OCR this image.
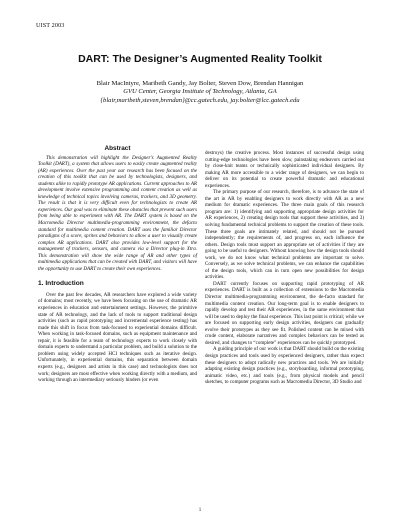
UIST 2003
DART: The Designer’s Augmented Reality Toolkit
Blair MacIntyre, Maribeth Gandy, Jay Bolter, Steven Dow, Brendan Hannigan
GVU Center, Georgia Institute of Technology, Atlanta, GA
{blair,maribeth,steven,brendan}@cc.gatech.edu, jay.bolter@lcc.gatech.edu
Abstract

This demonstration will highlight the Designer’s Augmented Reality Toolkit (DART), a system that allows users to easily create augmented reality (AR) experiences. Over the past year our research has been focused on the creation of this toolkit that can be used by technologists, designers, and students alike to rapidly prototype AR applications. Current approaches to AR development involve extensive programming and content creation as well as knowledge of technical topics involving cameras, trackers, and 3D geometry. The result is that it is very difficult even for technologists to create AR experiences. Our goal was to eliminate these obstacles that prevent such users from being able to experiment with AR. The DART system is based on the Macromedia Director multimedia-programming environment, the defacto standard for multimedia content creation. DART uses the familiar Director paradigms of a score, sprites and behaviors to allow a user to visually create complex AR applications. DART also provides low-level support for the management of trackers, sensors, and camera via a Director plug-in Xtra. This demonstration will show the wide range of AR and other types of multimedia applications that can be created with DART, and visitors will have the opportunity to use DART to create their own experiences.

1. Introduction

Over the past few decades, AR researchers have explored a wide variety of domains; most recently, we have been focusing on the use of dramatic AR experiences in education and entertainment settings. However, the primitive state of AR technology, and the lack of tools to support traditional design activities (such as rapid prototyping and incremental experience testing) has made this shift in focus from task-focused to experiential domains difficult. When working in task-focused domains, such as equipment maintenance and repair, it is feasible for a team of technology experts to work closely with domain experts to understand a particular problem, and build a solution to the problem using widely accepted HCI techniques such as iterative design. Unfortunately, in experiential domains, this separation between domain experts (e.g., designers and artists in this case) and technologists does not work; designers are most effective when working directly with a medium, and working through an intermediary seriously hinders (or even

destroys) the creative process. Most instances of successful design using cutting-edge technologies have been slow, painstaking endeavors carried out by close-knit teams or technically sophisticated individual designers. By making AR more accessible to a wider range of designers, we can begin to deliver on its potential to create powerful dramatic and educational experiences.

The primary purpose of our research, therefore, is to advance the state of the art in AR by enabling designers to work directly with AR as a new medium for dramatic experiences. The three main goals of this research program are: 1) identifying and supporting appropriate design activities for AR experiences, 2) creating design tools that support these activities, and 3) solving fundamental technical problems to support the creation of these tools. These three goals are intimately related, and should not be pursued independently; the requirements of, and progress on, each influence the others. Design tools must support an appropriate set of activities if they are going to be useful to designers. Without knowing how the design tools should work, we do not know what technical problems are important to solve. Conversely, as we solve technical problems, we can enhance the capabilities of the design tools, which can in turn open new possibilities for design activities.

DART currently focuses on supporting rapid prototyping of AR experiences. DART is built as a collection of extensions to the Macromedia Director multimedia-programming environment, the de-facto standard for multimedia content creation. Our long-term goal is to enable designers to rapidly develop and test their AR experiences, in the same environment that will be used to deploy the final experience. This last point is critical; while we are focused on supporting early design activities, designers can gradually evolve their prototypes as they see fit. Polished content can be mixed with crude content, elaborate narratives and complex behaviors can be tested as desired, and changes to “complete” experiences can be quickly prototyped.

A guiding principle of our work is that DART should build on the existing design practices and tools used by experienced designers, rather than expect these designers to adopt radically new practices and tools. We are initially adapting existing design practices (e.g., storyboarding, informal prototyping, animatic video, etc.) and tools (e.g., from physical models and pencil sketches, to computer programs such as Macromedia Director, 3D Studio and

1
